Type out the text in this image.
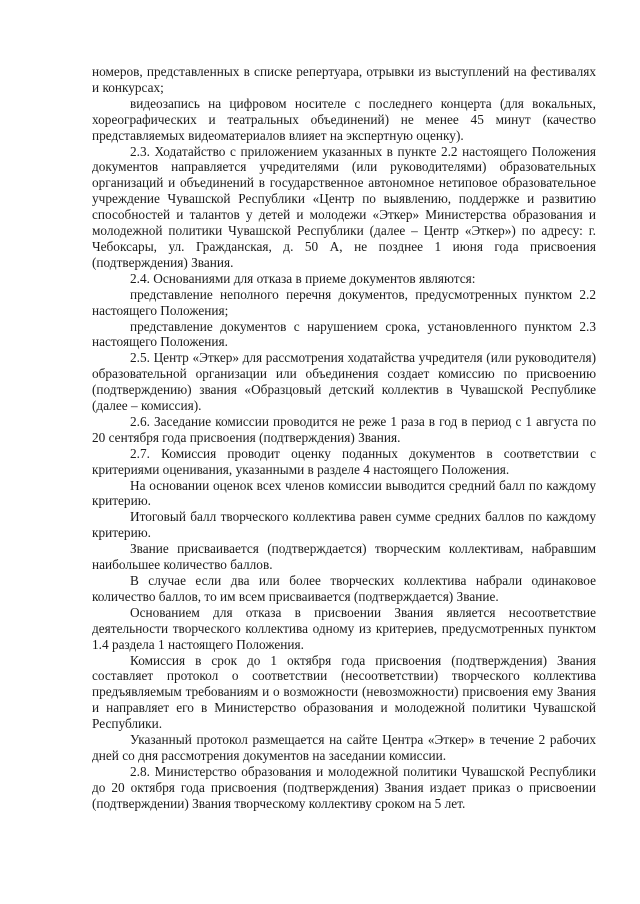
номеров, представленных в списке репертуара, отрывки из выступлений на фестивалях и конкурсах;

видеозапись на цифровом носителе с последнего концерта (для вокальных, хореографических и театральных объединений) не менее 45 минут (качество представляемых видеоматериалов влияет на экспертную оценку).

2.3. Ходатайство с приложением указанных в пункте 2.2 настоящего Положения документов направляется учредителями (или руководителями) образовательных организаций и объединений в государственное автономное нетиповое образовательное учреждение Чувашской Республики «Центр по выявлению, поддержке и развитию способностей и талантов у детей и молодежи «Эткер» Министерства образования и молодежной политики Чувашской Республики (далее – Центр «Эткер») по адресу: г. Чебоксары, ул. Гражданская, д. 50 А, не позднее 1 июня года присвоения (подтверждения) Звания.

2.4. Основаниями для отказа в приеме документов являются:

представление неполного перечня документов, предусмотренных пунктом 2.2 настоящего Положения;

представление документов с нарушением срока, установленного пунктом 2.3 настоящего Положения.

2.5. Центр «Эткер» для рассмотрения ходатайства учредителя (или руководителя) образовательной организации или объединения создает комиссию по присвоению (подтверждению) звания «Образцовый детский коллектив в Чувашской Республике (далее – комиссия).

2.6. Заседание комиссии проводится не реже 1 раза в год в период с 1 августа по 20 сентября года присвоения (подтверждения) Звания.

2.7. Комиссия проводит оценку поданных документов в соответствии с критериями оценивания, указанными в разделе 4 настоящего Положения.

На основании оценок всех членов комиссии выводится средний балл по каждому критерию.

Итоговый балл творческого коллектива равен сумме средних баллов по каждому критерию.

Звание присваивается (подтверждается) творческим коллективам, набравшим наибольшее количество баллов.

В случае если два или более творческих коллектива набрали одинаковое количество баллов, то им всем присваивается (подтверждается) Звание.

Основанием для отказа в присвоении Звания является несоответствие деятельности творческого коллектива одному из критериев, предусмотренных пунктом 1.4 раздела 1 настоящего Положения.

Комиссия в срок до 1 октября года присвоения (подтверждения) Звания составляет протокол о соответствии (несоответствии) творческого коллектива предъявляемым требованиям и о возможности (невозможности) присвоения ему Звания и направляет его в Министерство образования и молодежной политики Чувашской Республики.

Указанный протокол размещается на сайте Центра «Эткер» в течение 2 рабочих дней со дня рассмотрения документов на заседании комиссии.

2.8. Министерство образования и молодежной политики Чувашской Республики до 20 октября года присвоения (подтверждения) Звания издает приказ о присвоении (подтверждении) Звания творческому коллективу сроком на 5 лет.
